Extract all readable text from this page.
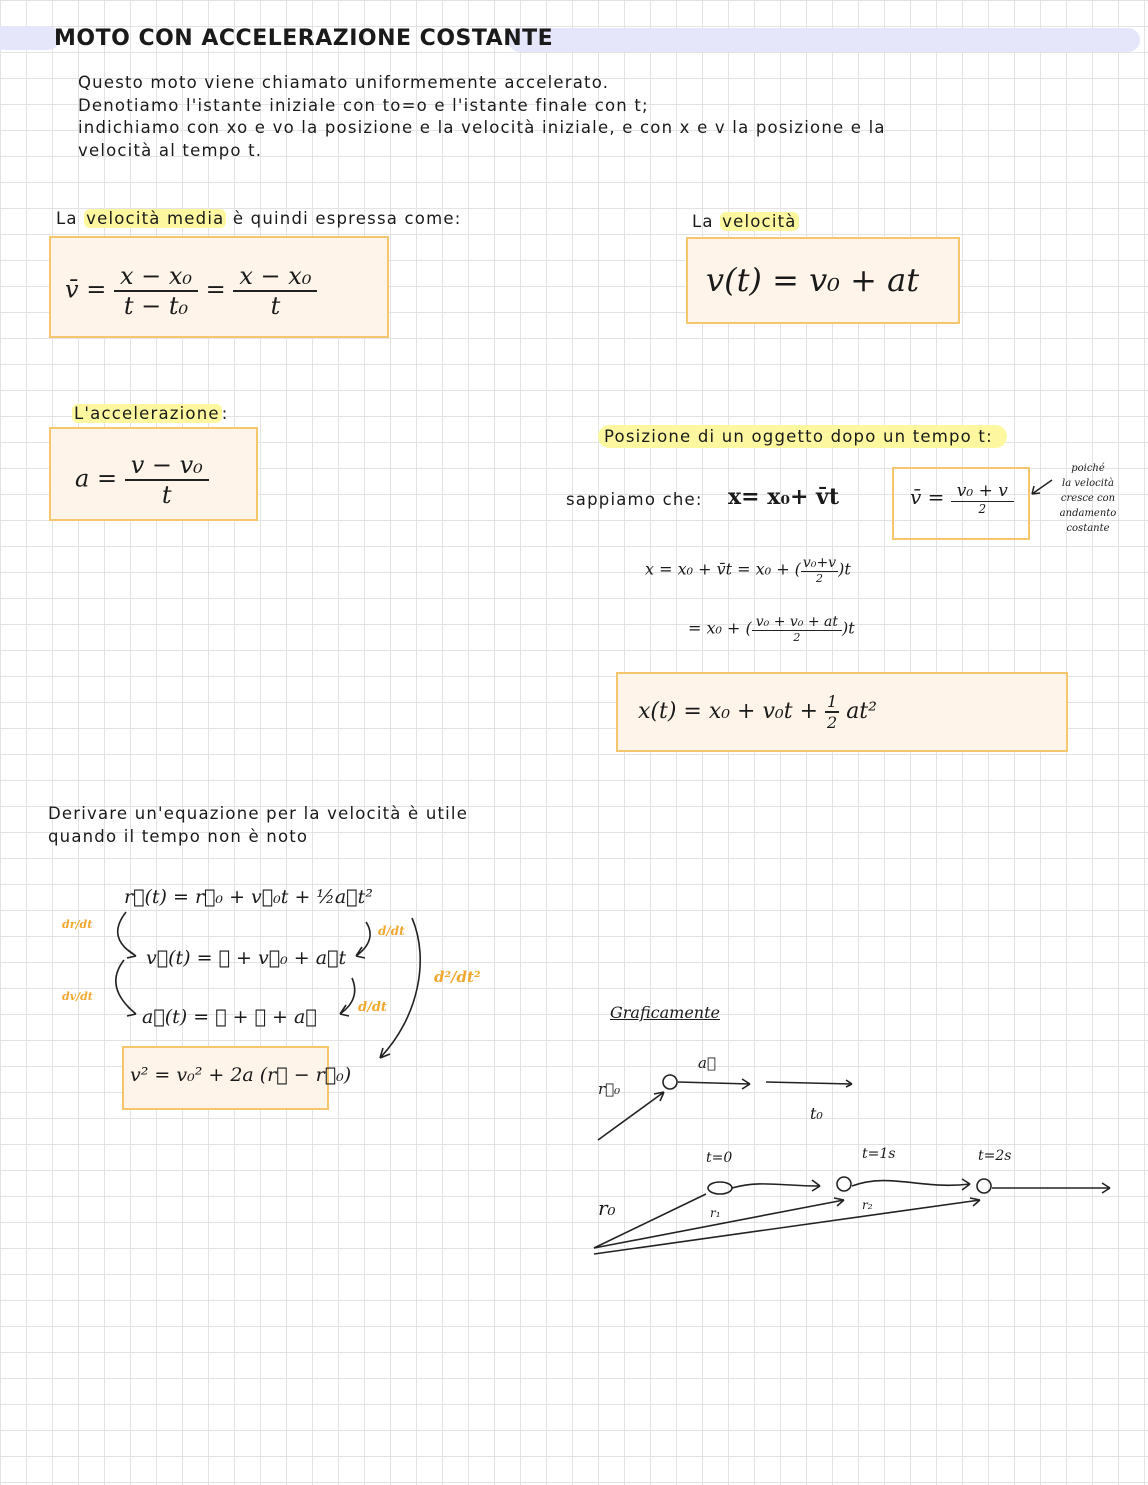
MOTO CON ACCELERAZIONE COSTANTE
Questo moto viene chiamato uniformemente accelerato.
Denotiamo l'istante iniziale con to=o e l'istante finale con t;
indichiamo con xo e vo la posizione e la velocità iniziale, e con x e v la posizione e la
velocità al tempo t.
La velocità media è quindi espressa come:
v̄ = $\frac{\text{x − x₀}}{\text{t − t₀}} = \frac{\text{x − x₀}}{t}$
La velocità
v(t) = v₀ + at
L'accelerazione :
$a = \frac{\text{v − v₀}}{t}$
Posizione di un oggetto dopo un tempo t:
sappiamo che: x= x₀+ v̄t	v̄ = $\frac{\text{v₀ + v}}{2}$
poiché
la velocità
cresce con
andamento
costante
x = x₀ + v̄t = x₀ + ( $\frac{\text{v₀+v}}{2} )t$
= x₀ + ( $\frac{\text{v₀ + v₀ + at}}{2} )t$
$x(t) = x_0 + v_0t + \frac{1}{2} at^2$
Derivare un'equazione per la velocità è utile
quando il tempo non è noto
r⃗(t) = r⃗₀ + v⃗₀t + ½a⃗t²
v⃗(t) = ∅ + v⃗₀ + a⃗t
a⃗(t) = ∅ + ∅ + a⃗
dr/dt
dv/dt
d/dt
d/dt
d²/dt²
v² = v₀² + 2a (r⃗ − r⃗₀)
Graficamente
r⃗₀
a⃗
t₀
r₀
t=0	t=1s	t=2s
r₁
r₂
